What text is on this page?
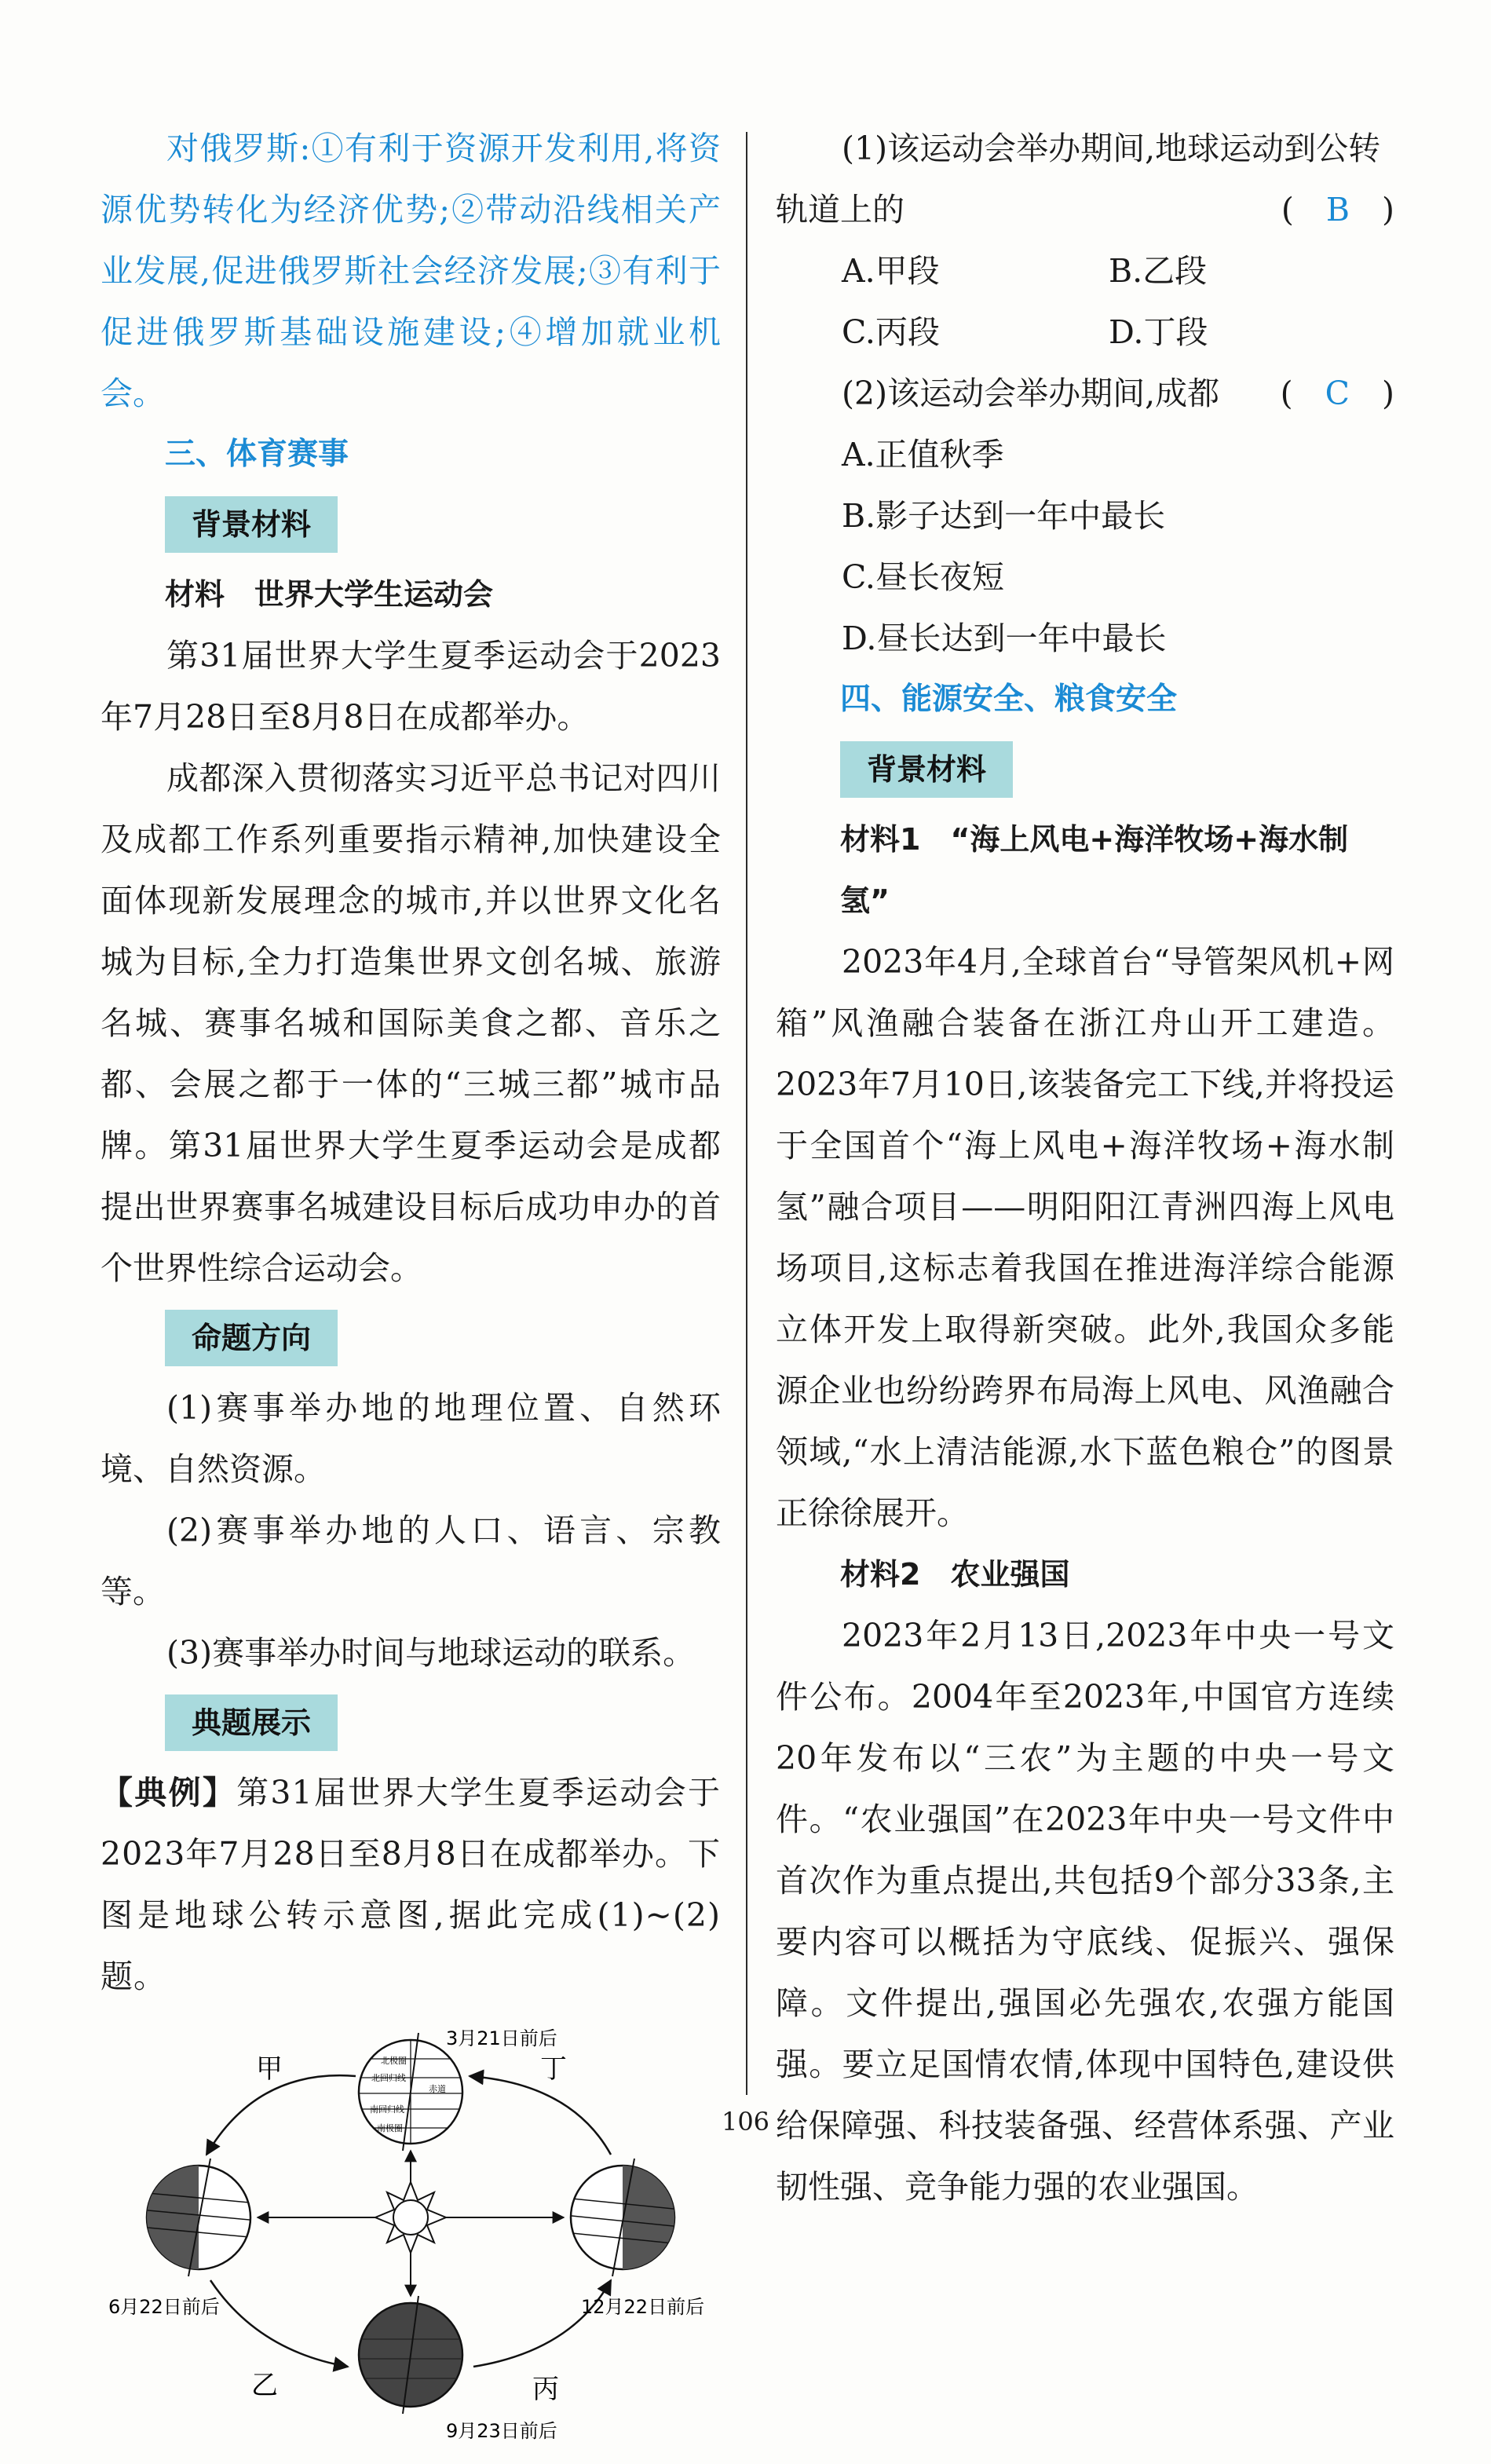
对俄罗斯:①有利于资源开发利用,将资源优势转化为经济优势;②带动沿线相关产业发展,促进俄罗斯社会经济发展;③有利于促进俄罗斯基础设施建设;④增加就业机会。

三、体育赛事

背景材料

材料　世界大学生运动会

第31届世界大学生夏季运动会于2023年7月28日至8月8日在成都举办。

成都深入贯彻落实习近平总书记对四川及成都工作系列重要指示精神,加快建设全面体现新发展理念的城市,并以世界文化名城为目标,全力打造集世界文创名城、旅游名城、赛事名城和国际美食之都、音乐之都、会展之都于一体的“三城三都”城市品牌。第31届世界大学生夏季运动会是成都提出世界赛事名城建设目标后成功申办的首个世界性综合运动会。

命题方向

(1)赛事举办地的地理位置、自然环境、自然资源。

(2)赛事举办地的人口、语言、宗教等。

(3)赛事举办时间与地球运动的联系。

典题展示

【典例】第31届世界大学生夏季运动会于2023年7月28日至8月8日在成都举办。下图是地球公转示意图,据此完成(1)~(2)题。

北极圈
北回归线
赤道
南回归线
南极圈
3月21日前后
6月22日前后	12月22日前后
9月23日前后
甲
乙	丙
丁

(1)该运动会举办期间,地球运动到公转

轨道上的	(　B　)
A.甲段	B.乙段
C.丙段	D.丁段
(2)该运动会举办期间,成都 (　C　)

A.正值秋季

B.影子达到一年中最长

C.昼长夜短

D.昼长达到一年中最长

四、能源安全、粮食安全

背景材料

材料1　“海上风电+海洋牧场+海水制氢”

2023年4月,全球首台“导管架风机+网箱”风渔融合装备在浙江舟山开工建造。2023年7月10日,该装备完工下线,并将投运于全国首个“海上风电+海洋牧场+海水制氢”融合项目——明阳阳江青洲四海上风电场项目,这标志着我国在推进海洋综合能源立体开发上取得新突破。此外,我国众多能源企业也纷纷跨界布局海上风电、风渔融合领域,“水上清洁能源,水下蓝色粮仓”的图景正徐徐展开。

材料2　农业强国

2023年2月13日,2023年中央一号文件公布。2004年至2023年,中国官方连续20年发布以“三农”为主题的中央一号文件。“农业强国”在2023年中央一号文件中首次作为重点提出,共包括9个部分33条,主要内容可以概括为守底线、促振兴、强保障。文件提出,强国必先强农,农强方能国强。要立足国情农情,体现中国特色,建设供给保障强、科技装备强、经营体系强、产业韧性强、竞争能力强的农业强国。

106
